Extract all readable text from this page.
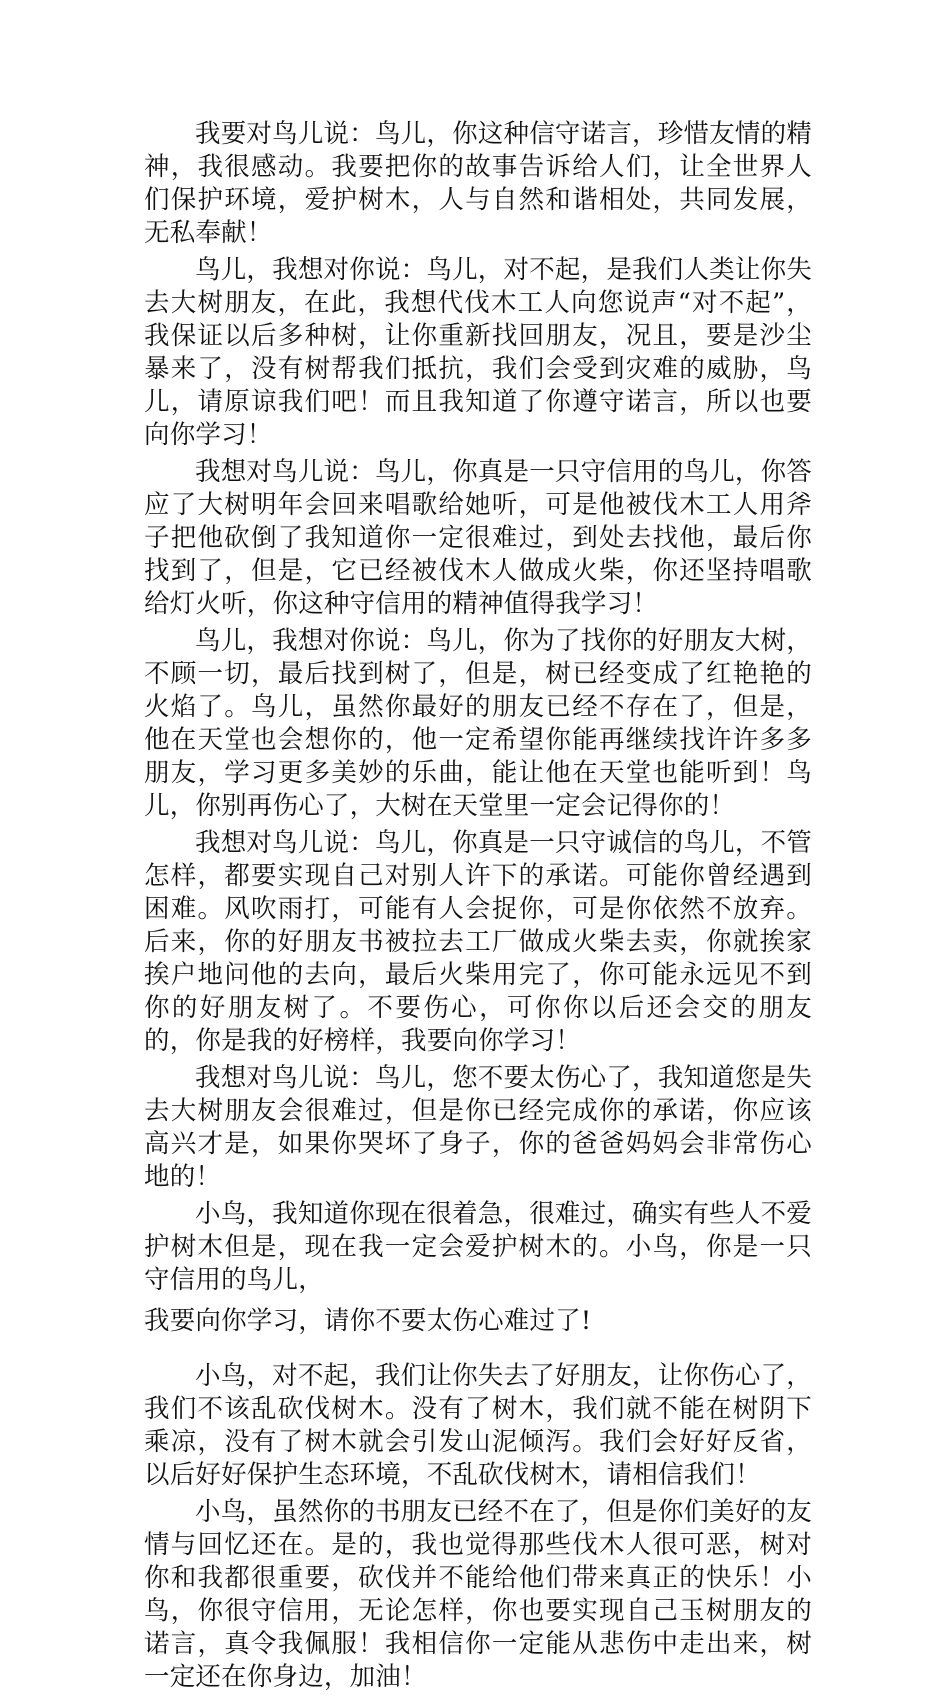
我要对鸟儿说：鸟儿，你这种信守诺言，珍惜友情的精神，我很感动。我要把你的故事告诉给人们，让全世界人们保护环境，爱护树木，人与自然和谐相处，共同发展，无私奉献！

鸟儿，我想对你说：鸟儿，对不起，是我们人类让你失去大树朋友，在此，我想代伐木工人向您说声“对不起”，我保证以后多种树，让你重新找回朋友，况且，要是沙尘暴来了，没有树帮我们抵抗，我们会受到灾难的威胁，鸟儿，请原谅我们吧！而且我知道了你遵守诺言，所以也要向你学习！

我想对鸟儿说：鸟儿，你真是一只守信用的鸟儿，你答应了大树明年会回来唱歌给她听，可是他被伐木工人用斧子把他砍倒了我知道你一定很难过，到处去找他，最后你找到了，但是，它已经被伐木人做成火柴，你还坚持唱歌给灯火听，你这种守信用的精神值得我学习！

鸟儿，我想对你说：鸟儿，你为了找你的好朋友大树，不顾一切，最后找到树了，但是，树已经变成了红艳艳的火焰了。鸟儿，虽然你最好的朋友已经不存在了，但是，他在天堂也会想你的，他一定希望你能再继续找许许多多朋友，学习更多美妙的乐曲，能让他在天堂也能听到！鸟儿，你别再伤心了，大树在天堂里一定会记得你的！

我想对鸟儿说：鸟儿，你真是一只守诚信的鸟儿，不管怎样，都要实现自己对别人许下的承诺。可能你曾经遇到困难。风吹雨打，可能有人会捉你，可是你依然不放弃。后来，你的好朋友书被拉去工厂做成火柴去卖，你就挨家挨户地问他的去向，最后火柴用完了，你可能永远见不到你的好朋友树了。不要伤心，可你你以后还会交的朋友的，你是我的好榜样，我要向你学习！

我想对鸟儿说：鸟儿，您不要太伤心了，我知道您是失去大树朋友会很难过，但是你已经完成你的承诺，你应该高兴才是，如果你哭坏了身子，你的爸爸妈妈会非常伤心地的！

小鸟，我知道你现在很着急，很难过，确实有些人不爱护树木但是，现在我一定会爱护树木的。小鸟，你是一只守信用的鸟儿，

我要向你学习，请你不要太伤心难过了!

小鸟，对不起，我们让你失去了好朋友，让你伤心了，我们不该乱砍伐树木。没有了树木，我们就不能在树阴下乘凉，没有了树木就会引发山泥倾泻。我们会好好反省，以后好好保护生态环境，不乱砍伐树木，请相信我们！

小鸟，虽然你的书朋友已经不在了，但是你们美好的友情与回忆还在。是的，我也觉得那些伐木人很可恶，树对你和我都很重要，砍伐并不能给他们带来真正的快乐！小鸟，你很守信用，无论怎样，你也要实现自己玉树朋友的诺言，真令我佩服！我相信你一定能从悲伤中走出来，树一定还在你身边，加油！
